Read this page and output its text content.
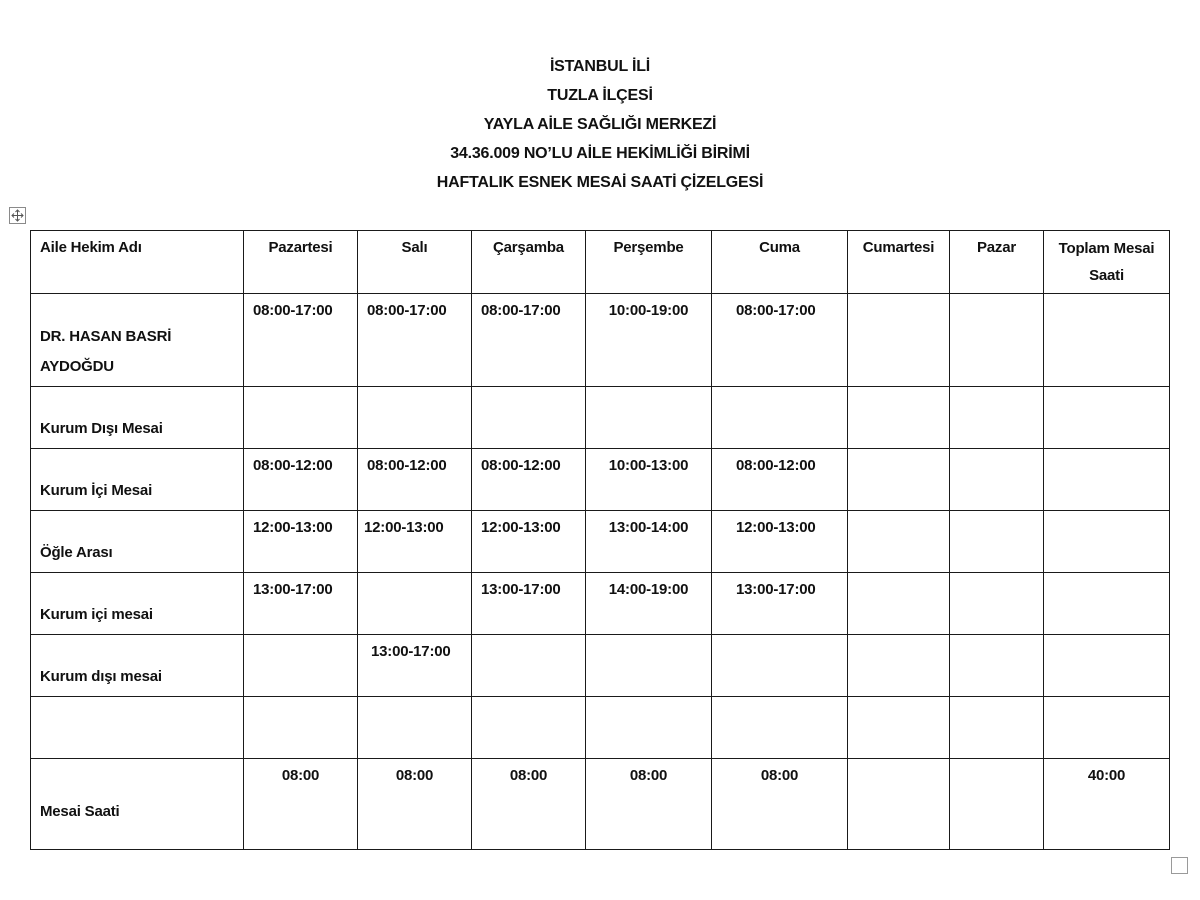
İSTANBUL İLİ
TUZLA İLÇESİ
YAYLA AİLE SAĞLIĞI MERKEZİ
34.36.009 NO’LU AİLE HEKİMLİĞİ BİRİMİ
HAFTALIK ESNEK MESAİ SAATİ ÇİZELGESİ
Aile Hekim Adı	Pazartesi	Salı	Çarşamba	Perşembe	Cuma	Cumartesi	Pazar	Toplam Mesai Saati

DR. HASAN BASRİ AYDOĞDU	08:00-17:00	08:00-17:00	08:00-17:00	10:00-19:00	08:00-17:00			

Kurum Dışı Mesai								

Kurum İçi Mesai	08:00-12:00	08:00-12:00	08:00-12:00	10:00-13:00	08:00-12:00			

Öğle Arası	12:00-13:00	12:00-13:00	12:00-13:00	13:00-14:00	12:00-13:00			

Kurum içi mesai	13:00-17:00		13:00-17:00	14:00-19:00	13:00-17:00			

Kurum dışı mesai		13:00-17:00						

Mesai Saati	08:00	08:00	08:00	08:00	08:00			40:00
